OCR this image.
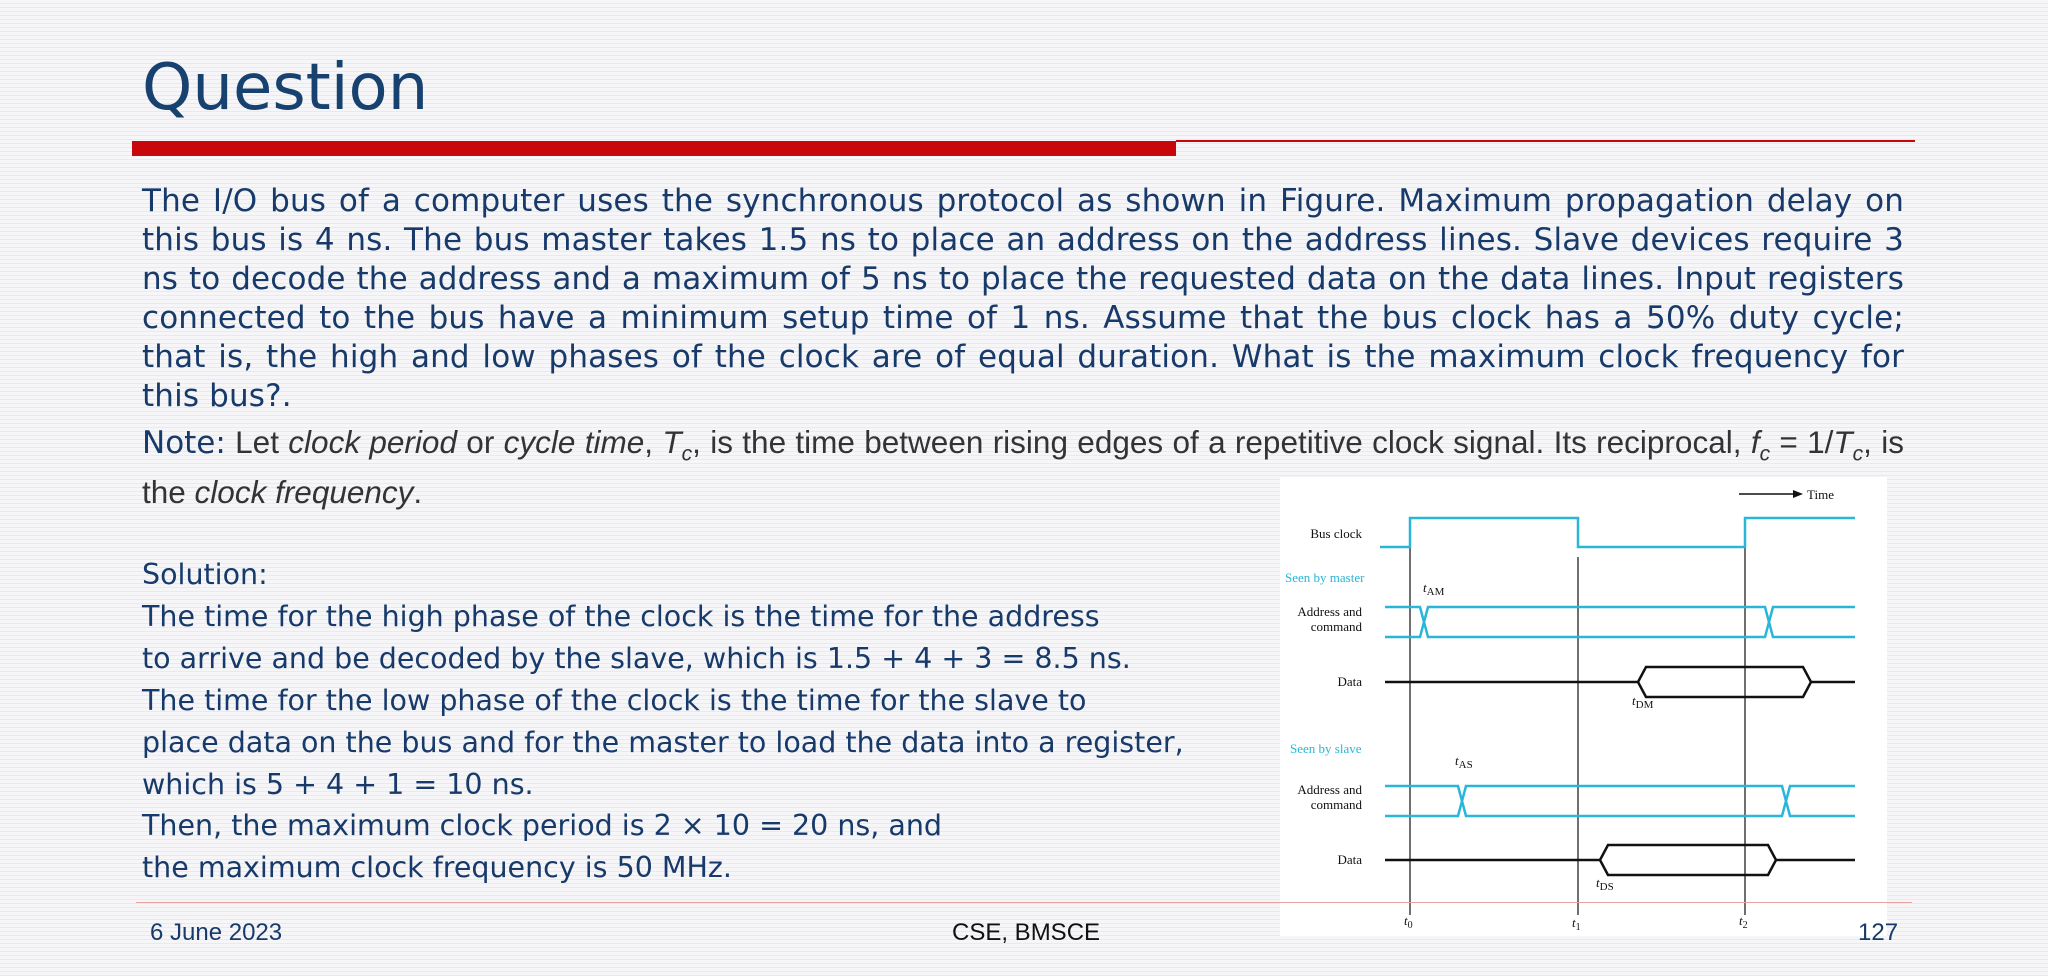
Question

The I/O bus of a computer uses the synchronous protocol as shown in Figure. Maximum propagation delay on this bus is 4 ns. The bus master takes 1.5 ns to place an address on the address lines. Slave devices require 3 ns to decode the address and a maximum of 5 ns to place the requested data on the data lines. Input registers connected to the bus have a minimum setup time of 1 ns. Assume that the bus clock has a 50% duty cycle; that is, the high and low phases of the clock are of equal duration. What is the maximum clock frequency for this bus?.

Note: Let clock period or cycle time, $T_c$, is the time between rising edges of a repetitive clock signal. Its reciprocal, $f_c = 1/T_c$, is the clock frequency.

Solution:
The time for the high phase of the clock is the time for the address
to arrive and be decoded by the slave, which is 1.5 + 4 + 3 = 8.5 ns.
The time for the low phase of the clock is the time for the slave to
place data on the bus and for the master to load the data into a register,
which is 5 + 4 + 1 = 10 ns.
Then, the maximum clock period is 2 × 10 = 20 ns, and
the maximum clock frequency is 50 MHz.
Time
Bus clock
Seen by master
$t_{AM}$
Address and
command
Data
$t_{DM}$
Seen by slave
$t_{AS}$
Address and
command
Data
$t_{DS}$
$t_0$	$t_1$	$t_2$
6 June 2023	CSE, BMSCE	127
